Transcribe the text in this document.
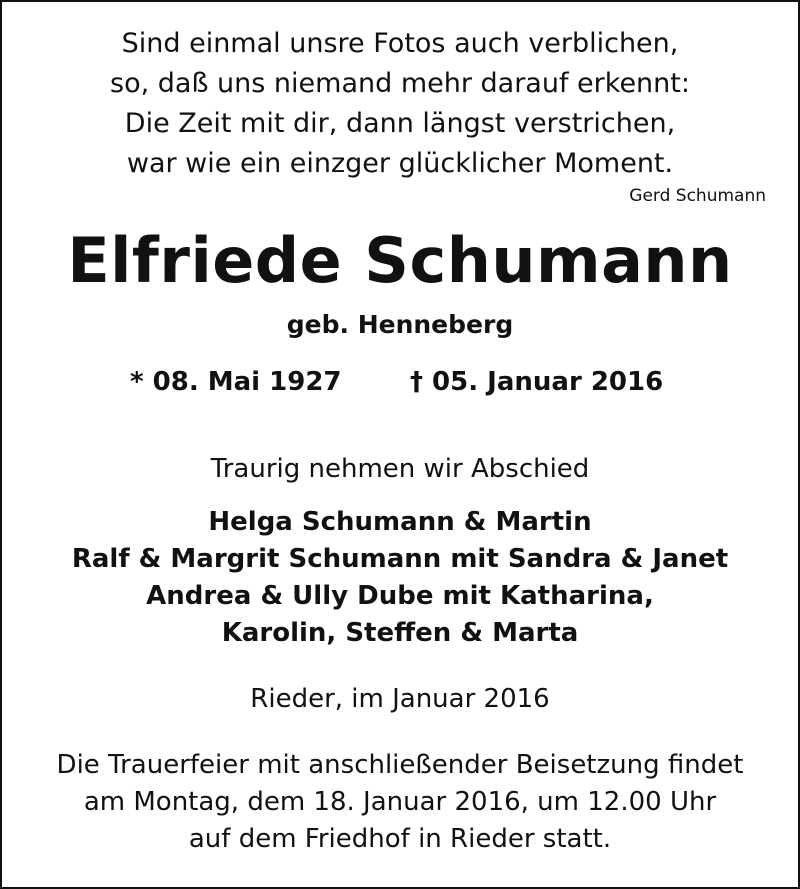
Sind einmal unsre Fotos auch verblichen,
so, daß uns niemand mehr darauf erkennt:
Die Zeit mit dir, dann längst verstrichen,
war wie ein einzger glücklicher Moment.
Gerd Schumann
Elfriede Schumann
geb. Henneberg
* 08. Mai 1927	† 05. Januar 2016
Traurig nehmen wir Abschied
Helga Schumann & Martin
Ralf & Margrit Schumann mit Sandra & Janet
Andrea & Ully Dube mit Katharina,
Karolin, Steffen & Marta
Rieder, im Januar 2016
Die Trauerfeier mit anschließender Beisetzung findet
am Montag, dem 18. Januar 2016, um 12.00 Uhr
auf dem Friedhof in Rieder statt.
